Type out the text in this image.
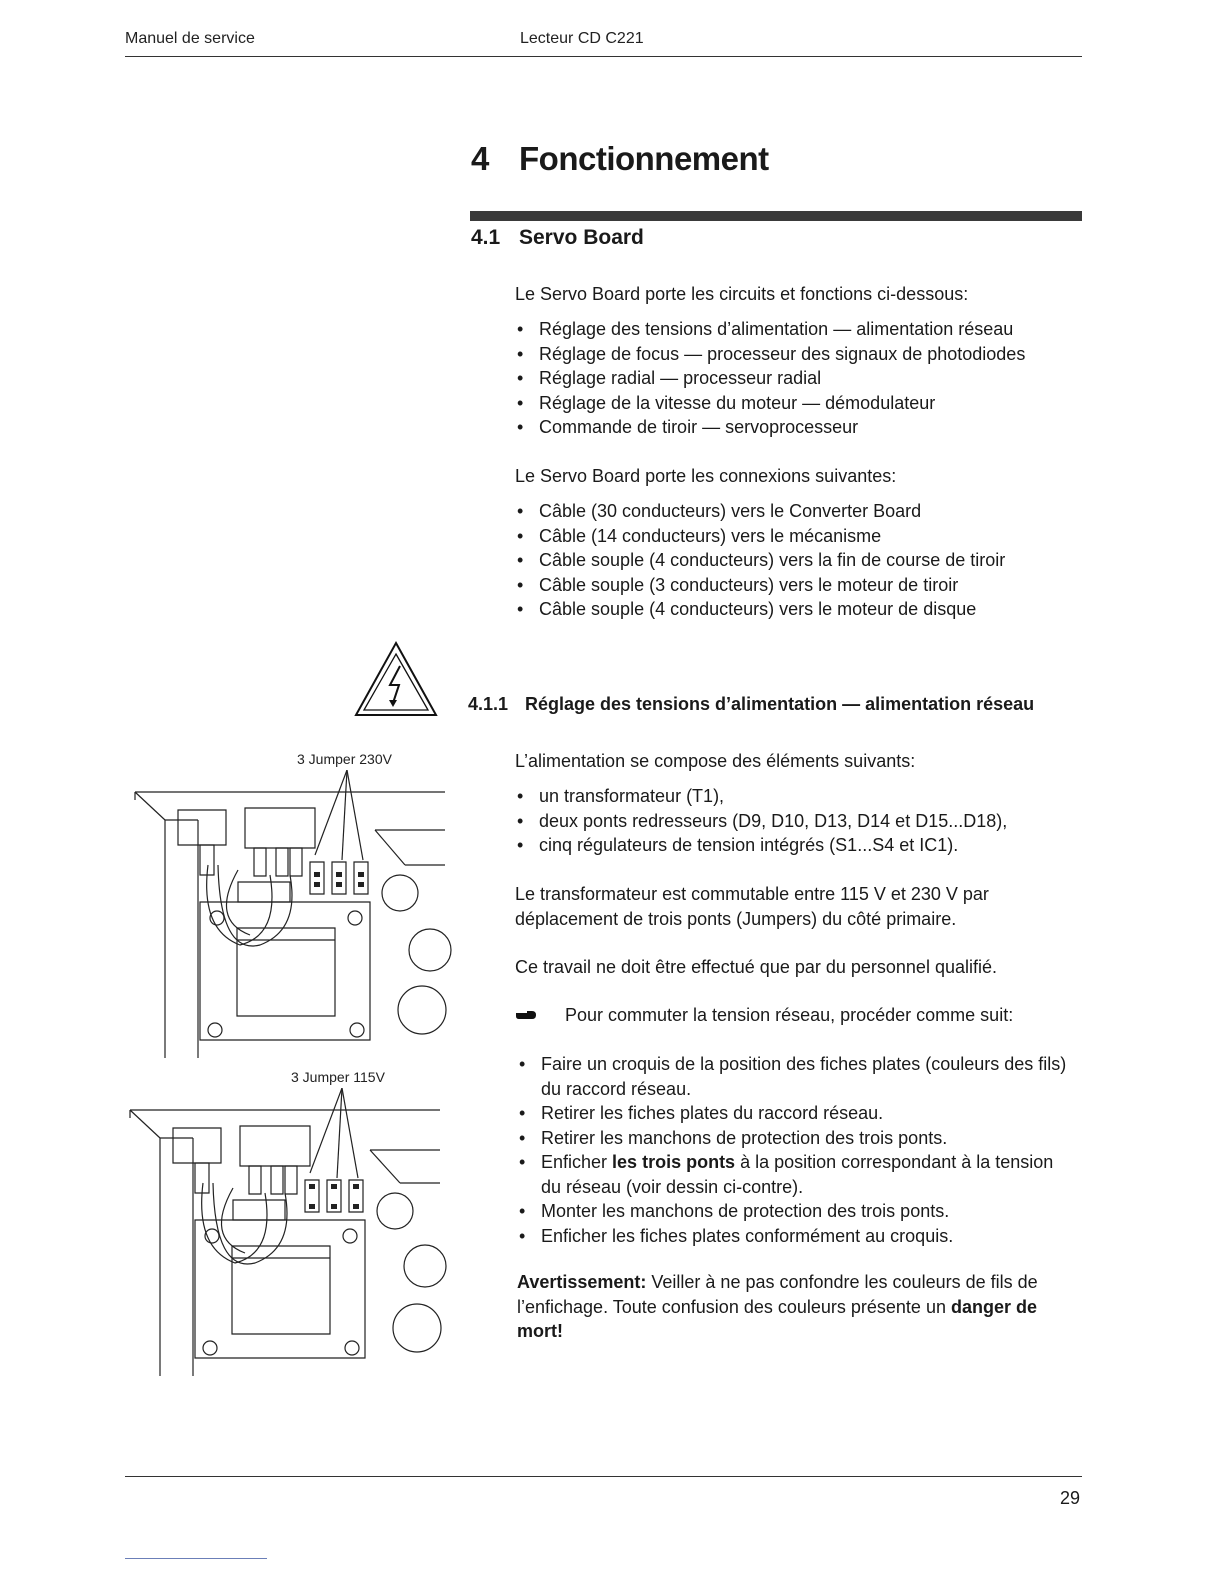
Manuel de service	Lecteur CD C221
4 Fonctionnement
4.1 Servo Board
Le Servo Board porte les circuits et fonctions ci-dessous:
• Réglage des tensions d’alimentation — alimentation réseau
• Réglage de focus — processeur des signaux de photodiodes
• Réglage radial — processeur radial
• Réglage de la vitesse du moteur — démodulateur
• Commande de tiroir — servoprocesseur
Le Servo Board porte les connexions suivantes:
• Câble (30 conducteurs) vers le Converter Board
• Câble (14 conducteurs) vers le mécanisme
• Câble souple (4 conducteurs) vers la fin de course de tiroir
• Câble souple (3 conducteurs) vers le moteur de tiroir
• Câble souple (4 conducteurs) vers le moteur de disque
4.1.1 Réglage des tensions d’alimentation — alimentation réseau
L’alimentation se compose des éléments suivants:
• un transformateur (T1),
• deux ponts redresseurs (D9, D10, D13, D14 et D15...D18),
• cinq régulateurs de tension intégrés (S1...S4 et IC1).
Le transformateur est commutable entre 115 V et 230 V par déplacement de trois ponts (Jumpers) du côté primaire.
Ce travail ne doit être effectué que par du personnel qualifié.
Pour commuter la tension réseau, procéder comme suit:
• Faire un croquis de la position des fiches plates (couleurs des fils) du raccord réseau.
• Retirer les fiches plates du raccord réseau.
• Retirer les manchons de protection des trois ponts.
• Enficher les trois ponts à la position correspondant à la tension du réseau (voir dessin ci-contre).
• Monter les manchons de protection des trois ponts.
• Enficher les fiches plates conformément au croquis.
Avertissement: Veiller à ne pas confondre les couleurs de fils de l’enfichage. Toute confusion des couleurs présente un danger de mort!
3 Jumper 230V
3 Jumper 115V
29
